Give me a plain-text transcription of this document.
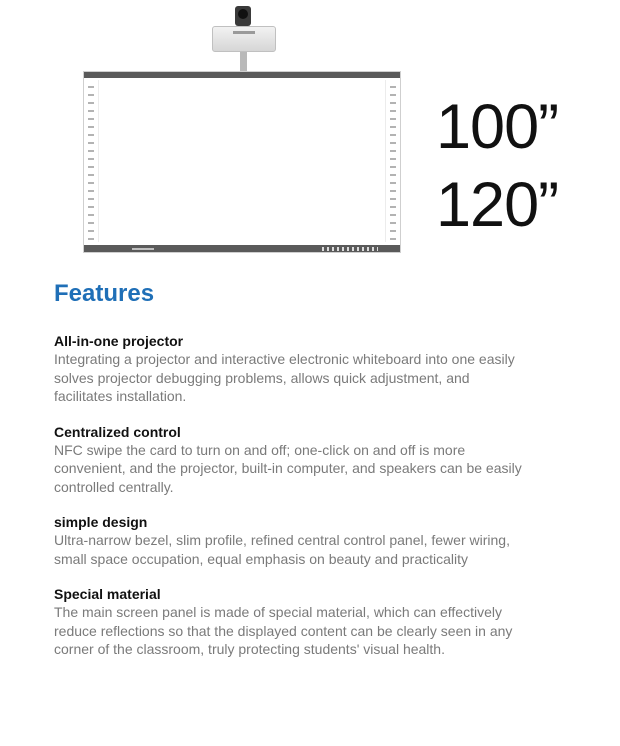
100”
120”
Features

All-in-one projector

Integrating a projector and interactive electronic whiteboard into one easily solves projector debugging problems, allows quick adjustment, and facilitates installation.

Centralized control

NFC swipe the card to turn on and off; one-click on and off is more convenient, and the projector, built-in computer, and speakers can be easily controlled centrally.

simple design

Ultra-narrow bezel, slim profile, refined central control panel, fewer wiring, small space occupation, equal emphasis on beauty and practicality

Special material

The main screen panel is made of special material, which can effectively reduce reflections so that the displayed content can be clearly seen in any corner of the classroom, truly protecting students' visual health.
